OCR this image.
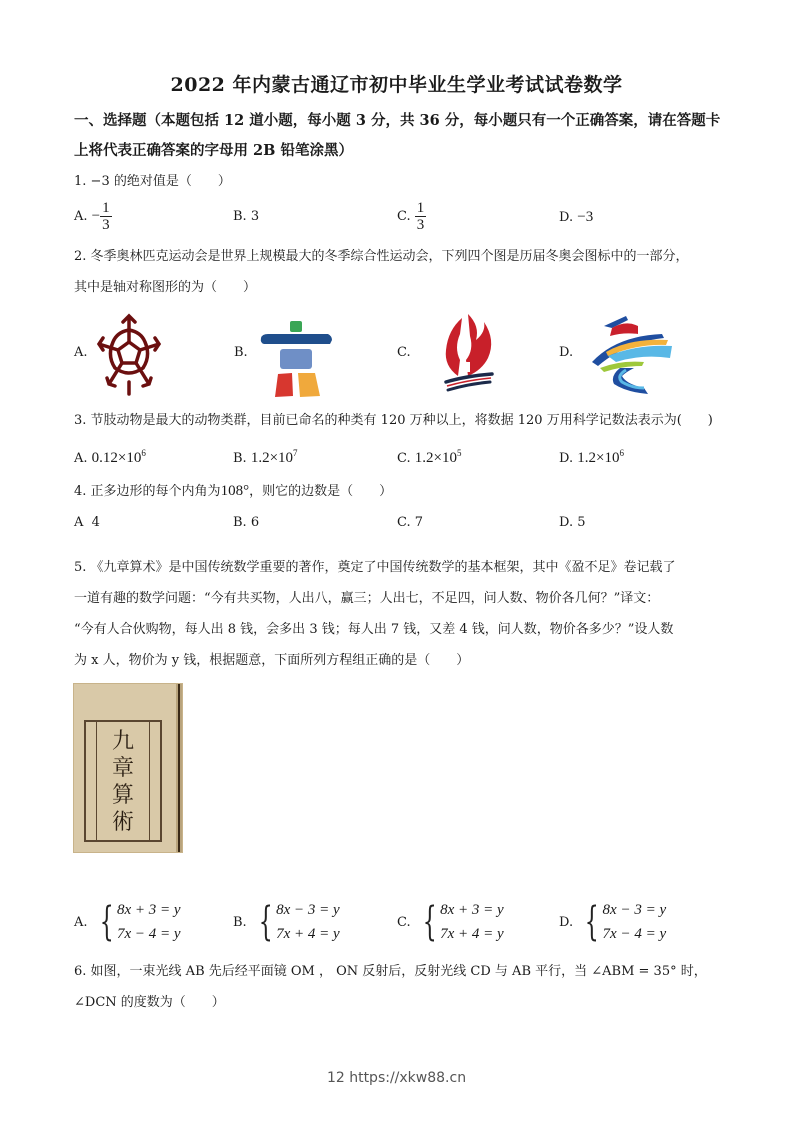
2022 年内蒙古通辽市初中毕业生学业考试试卷数学
一、选择题（本题包括 12 道小题，每小题 3 分，共 36 分，每小题只有一个正确答案，请在答题卡上将代表正确答案的字母用 2B 铅笔涂黑）
1. −3 的绝对值是（　　）
A. − $\frac{1}{3}$	B. 3	C. $\frac{1}{3}$	D. −3
2. 冬季奥林匹克运动会是世界上规模最大的冬季综合性运动会，下列四个图是历届冬奥会图标中的一部分，
其中是轴对称图形的为（　　）
A.	B.	C.	D.
3. 节肢动物是最大的动物类群，目前已命名的种类有 120 万种以上，将数据 120 万用科学记数法表示为(　　)
A. $0.12\times 10^6$	B. $1.2\times 10^7$	C. $1.2\times 10^5$	D. $1.2\times 10^6$
4. 正多边形的每个内角为108°，则它的边数是（　　）
A 4	B. 6	C. 7	D. 5
5. 《九章算术》是中国传统数学重要的著作，奠定了中国传统数学的基本框架，其中《盈不足》卷记载了
一道有趣的数学问题：“今有共买物，人出八，赢三；人出七，不足四，问人数、物价各几何？”译文：
“今有人合伙购物，每人出 8 钱，会多出 3 钱；每人出 7 钱，又差 4 钱，问人数，物价各多少？”设人数
为 x 人，物价为 y 钱，根据题意，下面所列方程组正确的是（　　）
九
章
算
術
A. { 8x + 3 = y
7x − 4 = y
B. { 8x − 3 = y
7x + 4 = y
C. { 8x + 3 = y
7x + 4 = y
D. { 8x − 3 = y
7x − 4 = y
6. 如图，一束光线 AB 先后经平面镜 OM ， ON 反射后，反射光线 CD 与 AB 平行，当 ∠ABM = 35° 时，
∠DCN 的度数为（　　）
12 https://xkw88.cn
